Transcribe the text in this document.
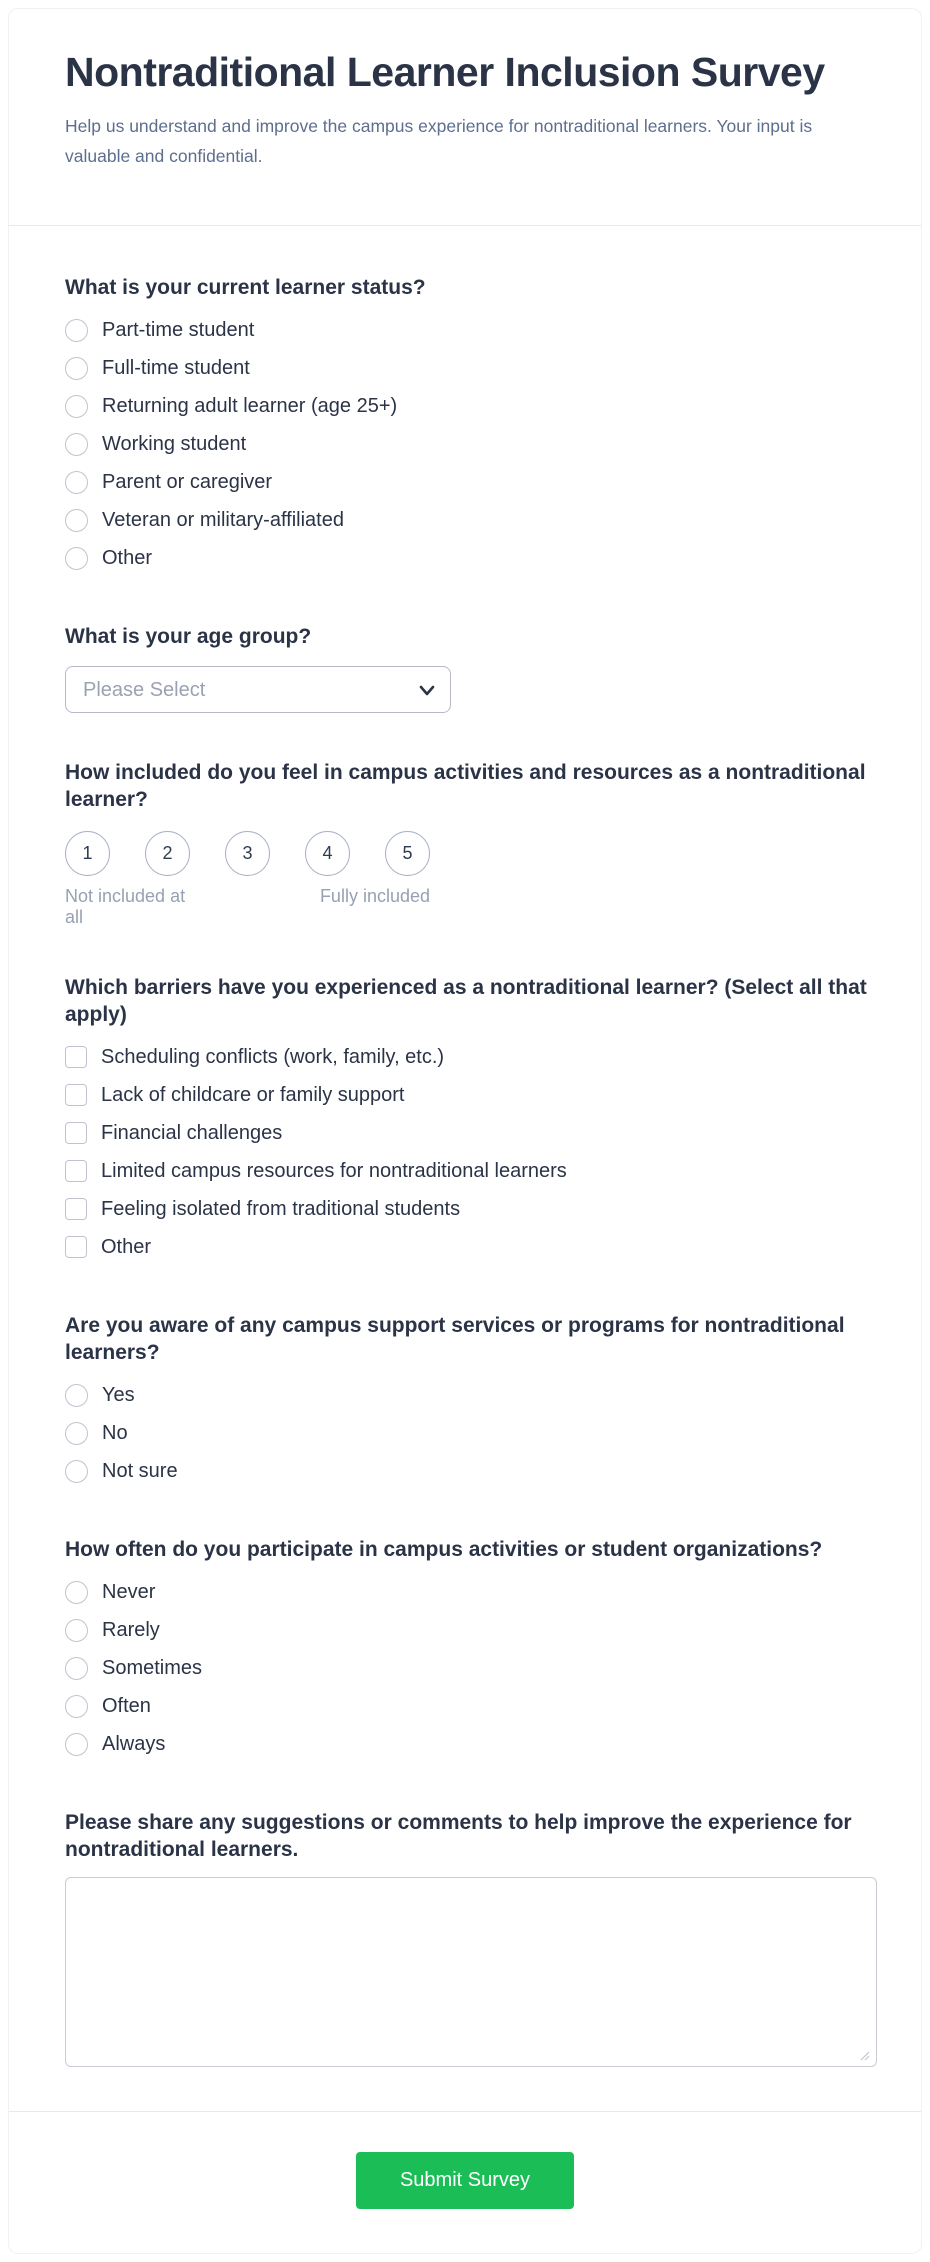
Nontraditional Learner Inclusion Survey
Help us understand and improve the campus experience for nontraditional learners. Your input is valuable and confidential.
What is your current learner status?
Part-time student
Full-time student
Returning adult learner (age 25+)
Working student
Parent or caregiver
Veteran or military-affiliated
Other
What is your age group?
Please Select
How included do you feel in campus activities and resources as a nontraditional learner?
1	2	3	4	5
Not included at all
Fully included
Which barriers have you experienced as a nontraditional learner? (Select all that apply)
Scheduling conflicts (work, family, etc.)
Lack of childcare or family support
Financial challenges
Limited campus resources for nontraditional learners
Feeling isolated from traditional students
Other
Are you aware of any campus support services or programs for nontraditional learners?
Yes
No
Not sure
How often do you participate in campus activities or student organizations?
Never
Rarely
Sometimes
Often
Always
Please share any suggestions or comments to help improve the experience for nontraditional learners.
Submit Survey
